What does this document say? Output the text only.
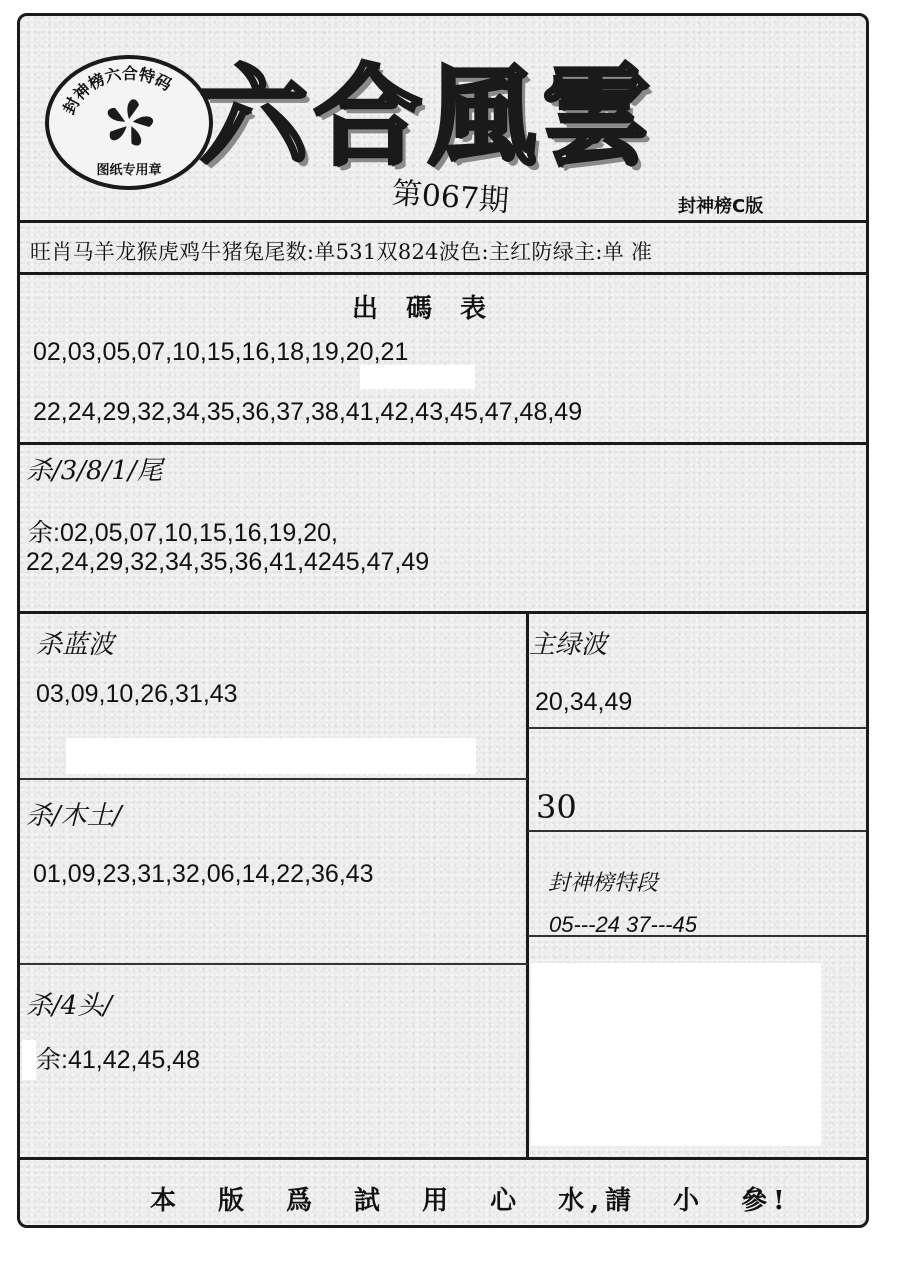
封神榜六合特码
图纸专用章 六合風雲
第067期	封神榜C版
旺肖马羊龙猴虎鸡牛猪兔尾数:单531双824波色:主红防绿主:单 准
出碼表
02,03,05,07,10,15,16,18,19,20,21
22,24,29,32,34,35,36,37,38,41,42,43,45,47,48,49
杀/3/8/1/尾
余:02,05,07,10,15,16,19,20,
22,24,29,32,34,35,36,41,4245,47,49
杀蓝波
03,09,10,26,31,43
主绿波
20,34,49
杀/木土/
01,09,23,31,32,06,14,22,36,43
30
封神榜特段
05---24 37---45
杀/4头/
余:41,42,45,48
本 版 爲 試 用 心 水,請 小 參!
